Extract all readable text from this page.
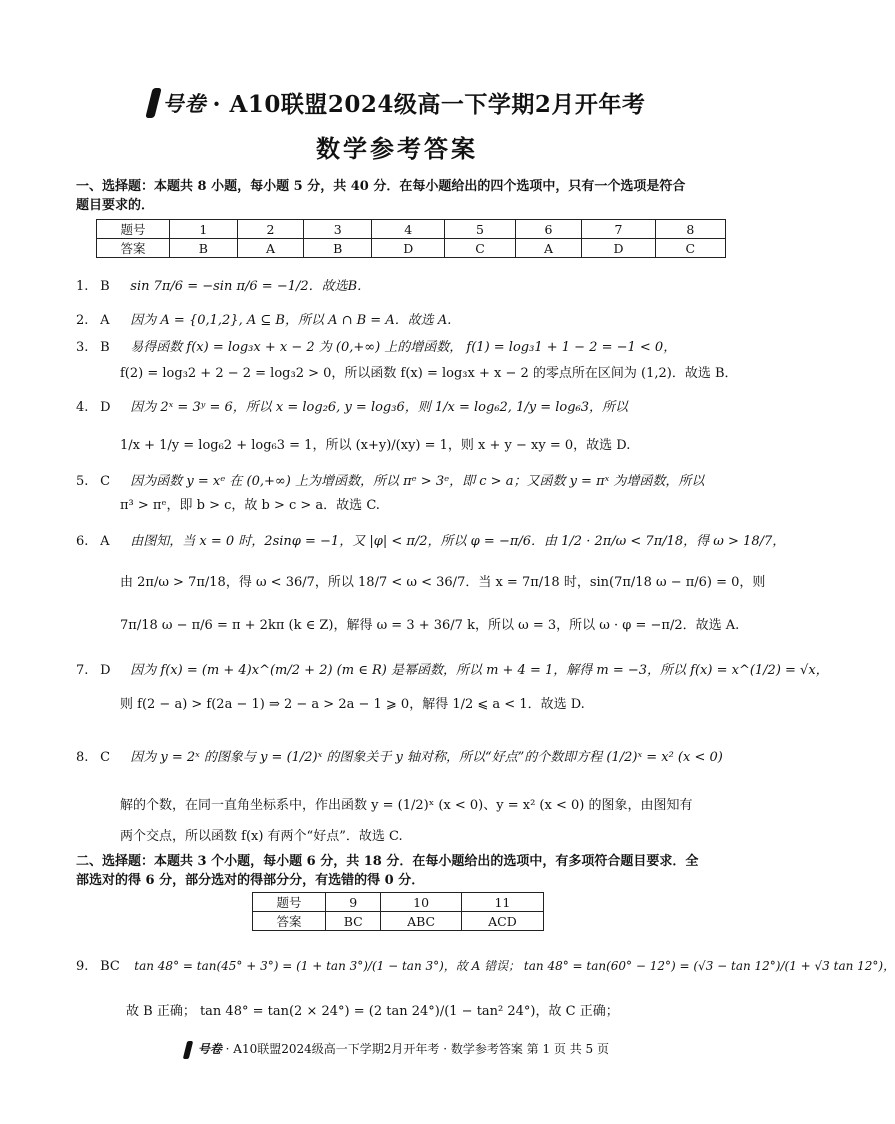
号卷 · A10联盟2024级高一下学期2月开年考
数学参考答案
一、选择题：本题共 8 小题，每小题 5 分，共 40 分．在每小题给出的四个选项中，只有一个选项是符合
题目要求的．
题号	1	2	3	4	5	6	7	8
答案	B	A	B	D	C	A	D	C
1. B sin 7π/6 = −sin π/6 = −1/2．故选B．
2. A 因为 A = {0,1,2}, A ⊆ B，所以 A ∩ B = A．故选 A.
3. B 易得函数 f(x) = log₃x + x − 2 为 (0,+∞) 上的增函数， f(1) = log₃1 + 1 − 2 = −1 < 0，
f(2) = log₃2 + 2 − 2 = log₃2 > 0，所以函数 f(x) = log₃x + x − 2 的零点所在区间为 (1,2)．故选 B．
4. D 因为 2ˣ = 3ʸ = 6，所以 x = log₂6, y = log₃6，则 1/x = log₆2, 1/y = log₆3，所以
1/x + 1/y = log₆2 + log₆3 = 1，所以 (x+y)/(xy) = 1，则 x + y − xy = 0，故选 D.
5. C 因为函数 y = xᵉ 在 (0,+∞) 上为增函数，所以 πᵉ > 3ᵉ，即 c > a；又函数 y = πˣ 为增函数，所以
π³ > πᵉ，即 b > c，故 b > c > a．故选 C.
6. A 由图知，当 x = 0 时，2sinφ = −1，又 |φ| < π/2，所以 φ = −π/6．由 1/2 · 2π/ω < 7π/18，得 ω > 18/7，
由 2π/ω > 7π/18，得 ω < 36/7，所以 18/7 < ω < 36/7．当 x = 7π/18 时，sin(7π/18 ω − π/6) = 0，则
7π/18 ω − π/6 = π + 2kπ (k ∈ Z)，解得 ω = 3 + 36/7 k，所以 ω = 3，所以 ω · φ = −π/2．故选 A.
7. D 因为 f(x) = (m + 4)x^(m/2 + 2) (m ∈ R) 是幂函数，所以 m + 4 = 1，解得 m = −3，所以 f(x) = x^(1/2) = √x，
则 f(2 − a) > f(2a − 1) ⇒ 2 − a > 2a − 1 ⩾ 0，解得 1/2 ⩽ a < 1．故选 D.
8. C 因为 y = 2ˣ 的图象与 y = (1/2)ˣ 的图象关于 y 轴对称，所以“好点”的个数即方程 (1/2)ˣ = x² (x < 0)
解的个数，在同一直角坐标系中，作出函数 y = (1/2)ˣ (x < 0)、y = x² (x < 0) 的图象，由图知有
两个交点，所以函数 f(x) 有两个“好点”．故选 C.
二、选择题：本题共 3 个小题，每小题 6 分，共 18 分．在每小题给出的选项中，有多项符合题目要求．全
部选对的得 6 分，部分选对的得部分分，有选错的得 0 分．
题号	9	10	11
答案	BC	ABC	ACD
9. BC tan 48° = tan(45° + 3°) = (1 + tan 3°)/(1 − tan 3°)，故 A 错误； tan 48° = tan(60° − 12°) = (√3 − tan 12°)/(1 + √3 tan 12°)，
故 B 正确； tan 48° = tan(2 × 24°) = (2 tan 24°)/(1 − tan² 24°)，故 C 正确；
号卷 · A10联盟2024级高一下学期2月开年考 · 数学参考答案 第 1 页 共 5 页
